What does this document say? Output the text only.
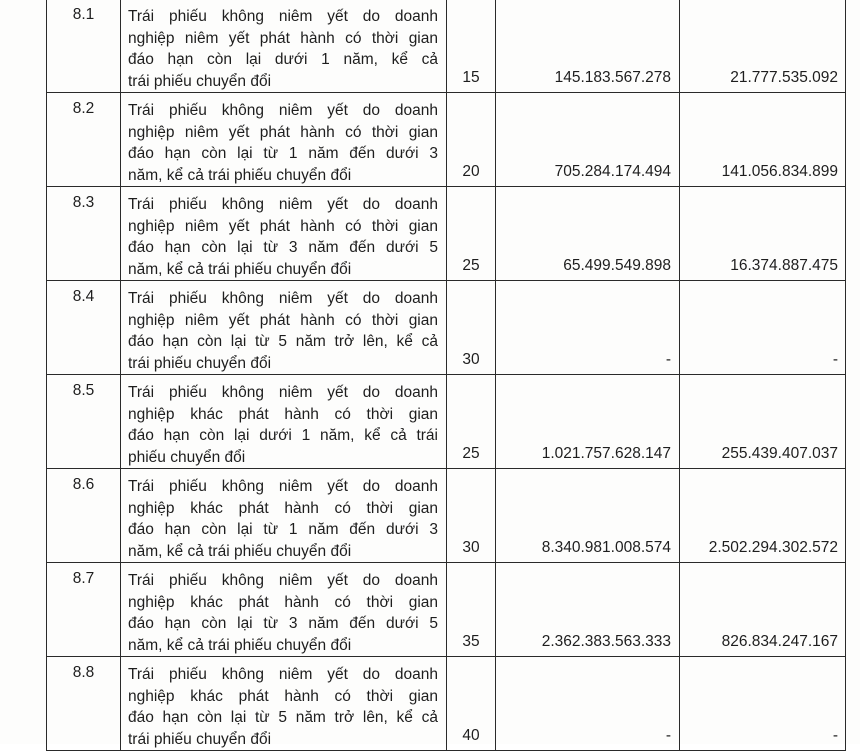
8.1	Trái phiếu không niêm yết do doanh
nghiệp niêm yết phát hành có thời gian
đáo hạn còn lại dưới 1 năm, kể cả
trái phiếu chuyển đổi	15	145.183.567.278	21.777.535.092
8.2	Trái phiếu không niêm yết do doanh
nghiệp niêm yết phát hành có thời gian
đáo hạn còn lại từ 1 năm đến dưới 3
năm, kể cả trái phiếu chuyển đổi	20	705.284.174.494	141.056.834.899
8.3	Trái phiếu không niêm yết do doanh
nghiệp niêm yết phát hành có thời gian
đáo hạn còn lại từ 3 năm đến dưới 5
năm, kể cả trái phiếu chuyển đổi	25	65.499.549.898	16.374.887.475
8.4	Trái phiếu không niêm yết do doanh
nghiệp niêm yết phát hành có thời gian
đáo hạn còn lại từ 5 năm trở lên, kể cả
trái phiếu chuyển đổi	30	-	-
8.5	Trái phiếu không niêm yết do doanh
nghiệp khác phát hành có thời gian
đáo hạn còn lại dưới 1 năm, kể cả trái
phiếu chuyển đổi	25	1.021.757.628.147	255.439.407.037
8.6	Trái phiếu không niêm yết do doanh
nghiệp khác phát hành có thời gian
đáo hạn còn lại từ 1 năm đến dưới 3
năm, kể cả trái phiếu chuyển đổi	30	8.340.981.008.574	2.502.294.302.572
8.7	Trái phiếu không niêm yết do doanh
nghiệp khác phát hành có thời gian
đáo hạn còn lại từ 3 năm đến dưới 5
năm, kể cả trái phiếu chuyển đổi	35	2.362.383.563.333	826.834.247.167
8.8	Trái phiếu không niêm yết do doanh
nghiệp khác phát hành có thời gian
đáo hạn còn lại từ 5 năm trở lên, kể cả
trái phiếu chuyển đổi	40	-	-
